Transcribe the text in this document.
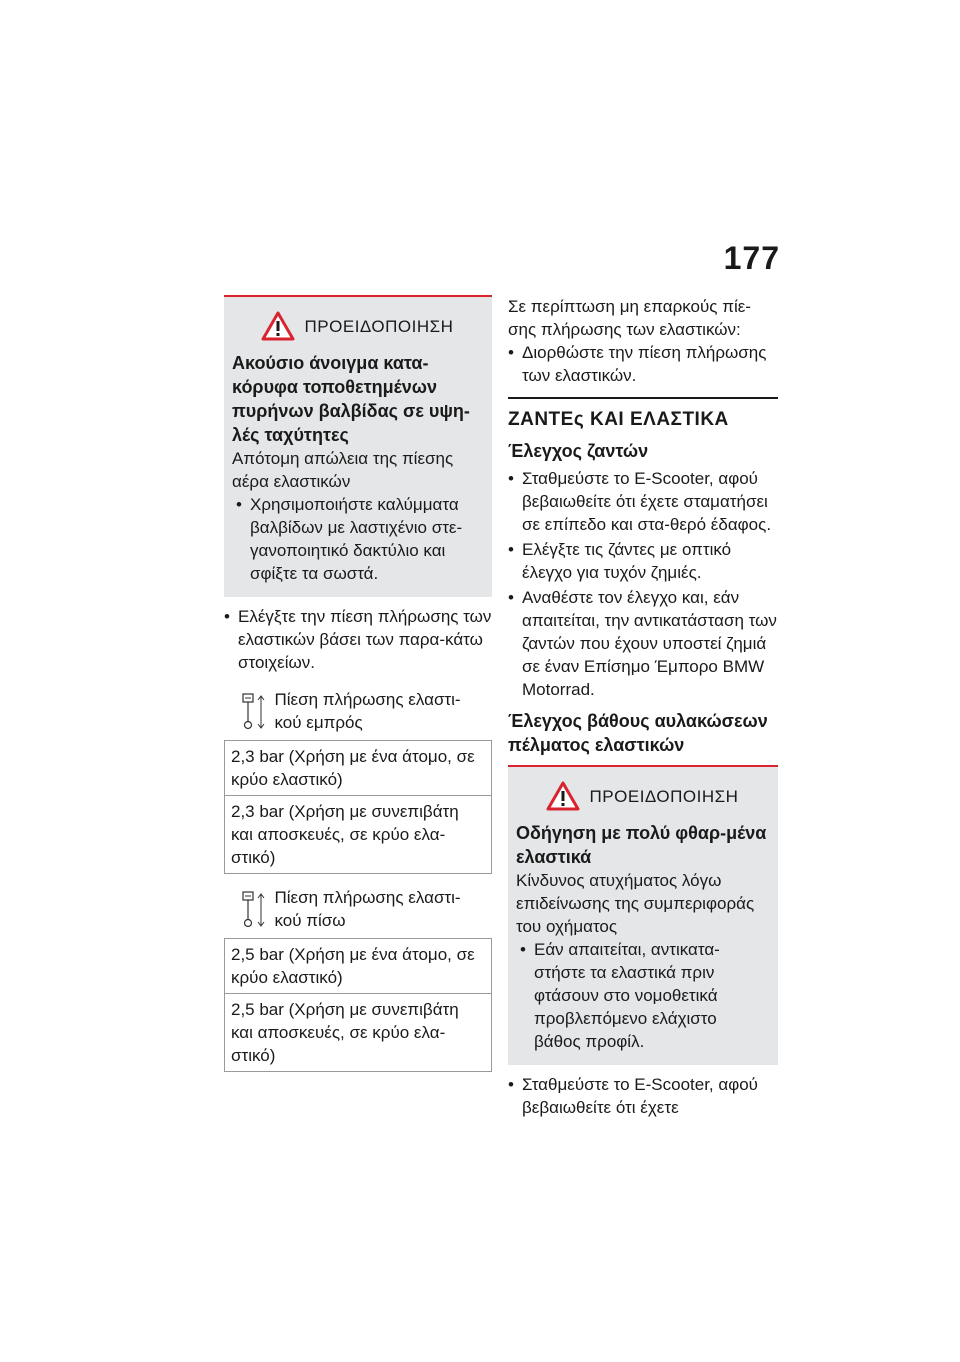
177
ΠΡΟΕΙΔΟΠΟΙΗΣΗ

Ακούσιο άνοιγμα κατα-κόρυφα τοποθετημένων πυρήνων βαλβίδας σε υψη-λές ταχύτητες

Απότομη απώλεια της πίεσης αέρα ελαστικών

• Χρησιμοποιήστε καλύμματα βαλβίδων με λαστιχένιο στε-γανοποιητικό δακτύλιο και σφίξτε τα σωστά.

• Ελέγξτε την πίεση πλήρωσης των ελαστικών βάσει των παρα-κάτω στοιχείων.
Πίεση πλήρωσης ελαστι-κού εμπρός

2,3 bar (Χρήση με ένα άτομο, σε κρύο ελαστικό)
2,3 bar (Χρήση με συνεπιβάτη και αποσκευές, σε κρύο ελα-στικό)

Πίεση πλήρωσης ελαστι-κού πίσω

2,5 bar (Χρήση με ένα άτομο, σε κρύο ελαστικό)
2,5 bar (Χρήση με συνεπιβάτη και αποσκευές, σε κρύο ελα-στικό)
Σε περίπτωση μη επαρκούς πίε-σης πλήρωσης των ελαστικών:
• Διορθώστε την πίεση πλήρωσης των ελαστικών.
ΖΑΝΤΕς ΚΑΙ ΕΛΑΣΤΙΚΑ
Έλεγχος ζαντών
• Σταθμεύστε το E-Scooter, αφού βεβαιωθείτε ότι έχετε σταματήσει σε επίπεδο και στα-θερό έδαφος.
• Ελέγξτε τις ζάντες με οπτικό έλεγχο για τυχόν ζημιές.
• Αναθέστε τον έλεγχο και, εάν απαιτείται, την αντικατάσταση των ζαντών που έχουν υποστεί ζημιά σε έναν Επίσημο Έμπορο BMW Motorrad.
Έλεγχος βάθους αυλακώσεων πέλματος ελαστικών
ΠΡΟΕΙΔΟΠΟΙΗΣΗ

Οδήγηση με πολύ φθαρ-μένα ελαστικά

Κίνδυνος ατυχήματος λόγω επιδείνωσης της συμπεριφοράς του οχήματος

• Εάν απαιτείται, αντικατα-στήστε τα ελαστικά πριν φτάσουν στο νομοθετικά προβλεπόμενο ελάχιστο βάθος προφίλ.

• Σταθμεύστε το E-Scooter, αφού βεβαιωθείτε ότι έχετε
